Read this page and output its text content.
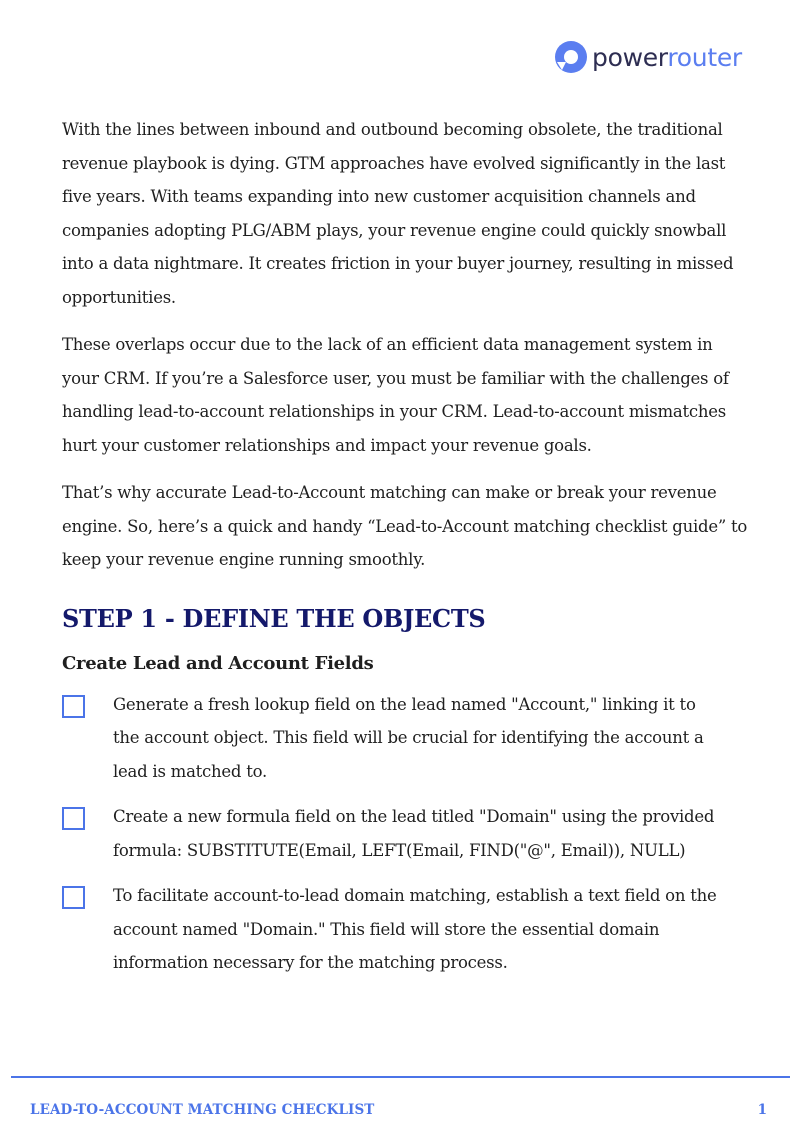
powerrouter

With the lines between inbound and outbound becoming obsolete, the traditional revenue playbook is dying. GTM approaches have evolved significantly in the last five years. With teams expanding into new customer acquisition channels and companies adopting PLG/ABM plays, your revenue engine could quickly snowball into a data nightmare. It creates friction in your buyer journey, resulting in missed opportunities.

These overlaps occur due to the lack of an efficient data management system in your CRM. If you’re a Salesforce user, you must be familiar with the challenges of handling lead-to-account relationships in your CRM. Lead-to-account mismatches hurt your customer relationships and impact your revenue goals.

That’s why accurate Lead-to-Account matching can make or break your revenue engine. So, here’s a quick and handy “Lead-to-Account matching checklist guide” to keep your revenue engine running smoothly.

STEP 1 - DEFINE THE OBJECTS
Create Lead and Account Fields
Generate a fresh lookup field on the lead named "Account," linking it to the account object. This field will be crucial for identifying the account a lead is matched to.
Create a new formula field on the lead titled "Domain" using the provided formula: SUBSTITUTE(Email, LEFT(Email, FIND("@", Email)), NULL)
To facilitate account-to-lead domain matching, establish a text field on the account named "Domain." This field will store the essential domain information necessary for the matching process.
LEAD-TO-ACCOUNT MATCHING CHECKLIST	1
